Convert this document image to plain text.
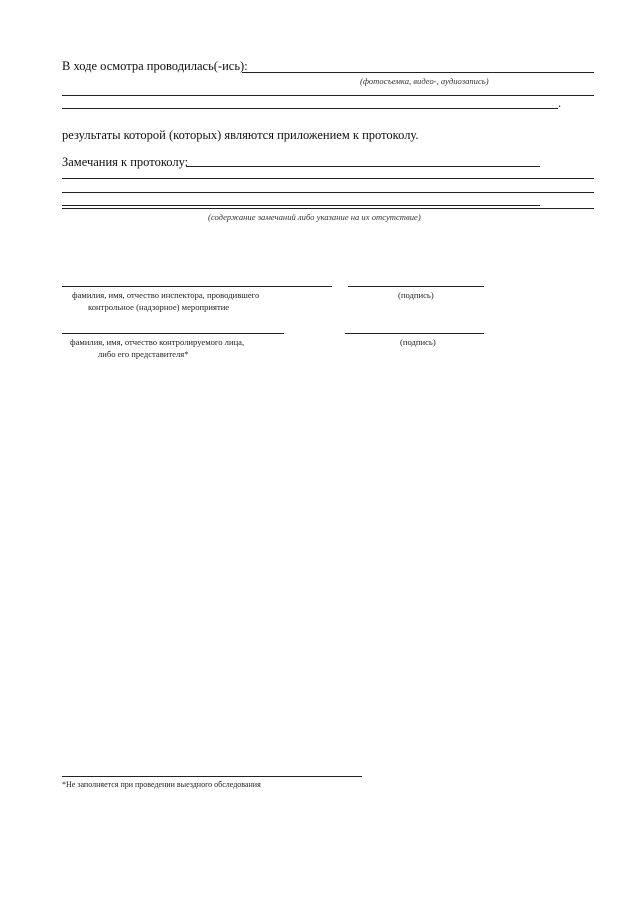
В ходе осмотра проводилась(-ись):
(фотосъемка, видео-, аудиозапись)
.
результаты которой (которых) являются приложением к протоколу.
Замечания к протоколу:
(содержание замечаний либо указание на их отсутствие)
фамилия, имя, отчество инспектора, проводившего
контрольное (надзорное) мероприятие
(подпись)
фамилия, имя, отчество контролируемого лица,
либо его представителя*
(подпись)
*Не заполняется при проведении выездного обследования
